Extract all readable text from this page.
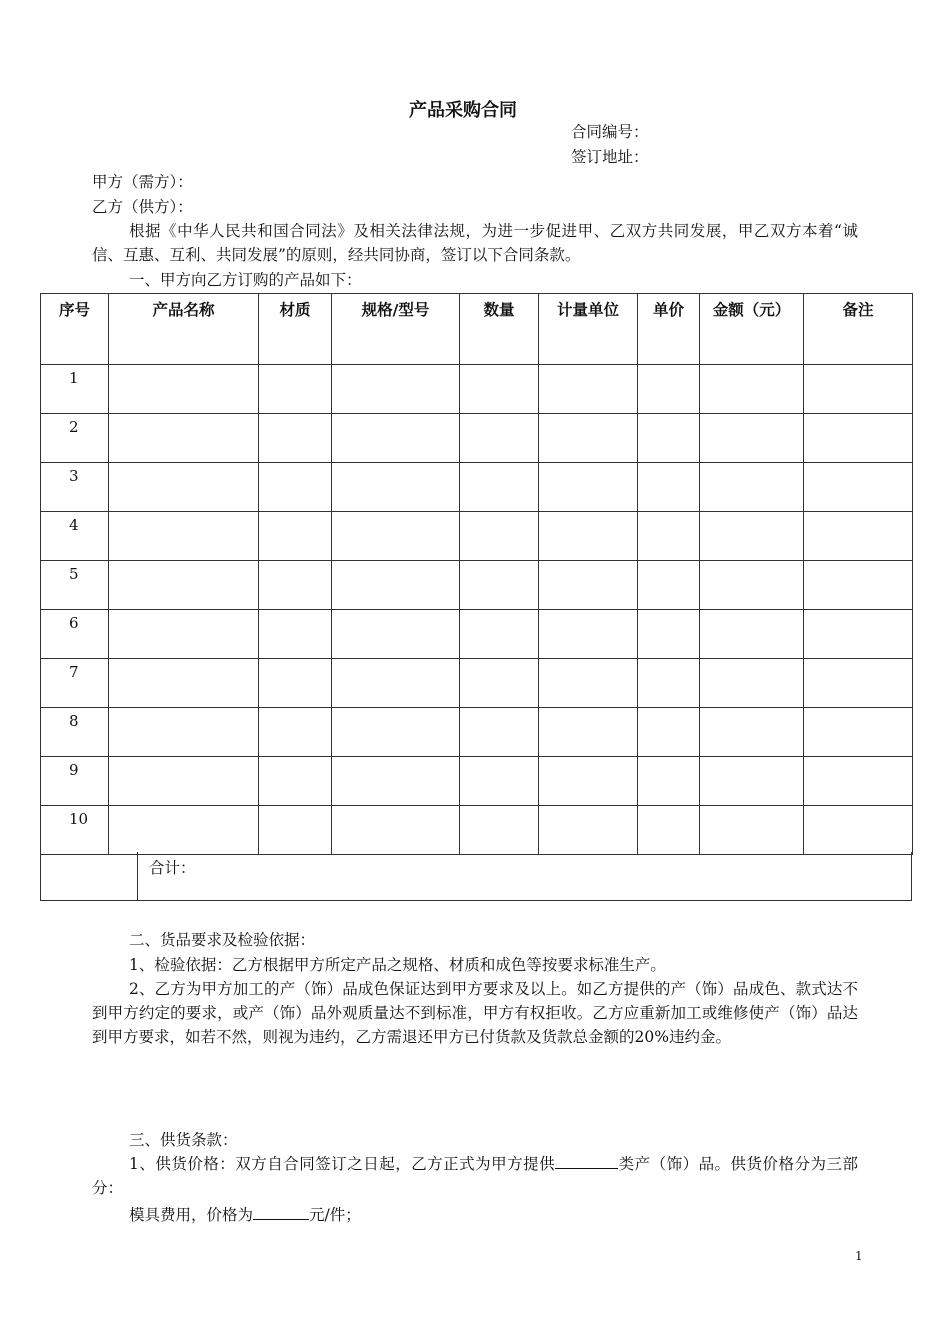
产品采购合同
合同编号：
签订地址：
甲方（需方）：
乙方（供方）：
根据《中华人民共和国合同法》及相关法律法规，为进一步促进甲、乙双方共同发展，甲乙双方本着“诚信、互惠、互利、共同发展”的原则，经共同协商，签订以下合同条款。
一、甲方向乙方订购的产品如下：
序号	产品名称	材质	规格/型号	数量	计量单位	单价	金额（元）	备注
1								
2								
3								
4								
5								
6								
7								
8								
9								
10								
合计：
二、货品要求及检验依据：
1、检验依据：乙方根据甲方所定产品之规格、材质和成色等按要求标准生产。
2、乙方为甲方加工的产（饰）品成色保证达到甲方要求及以上。如乙方提供的产（饰）品成色、款式达不到甲方约定的要求，或产（饰）品外观质量达不到标准，甲方有权拒收。乙方应重新加工或维修使产（饰）品达到甲方要求，如若不然，则视为违约，乙方需退还甲方已付货款及货款总金额的20%违约金。
三、供货条款：
1、供货价格：双方自合同签订之日起，乙方正式为甲方提供	类产（饰）品。供货价格分为三部分：
模具费用，价格为	元/件；
1
